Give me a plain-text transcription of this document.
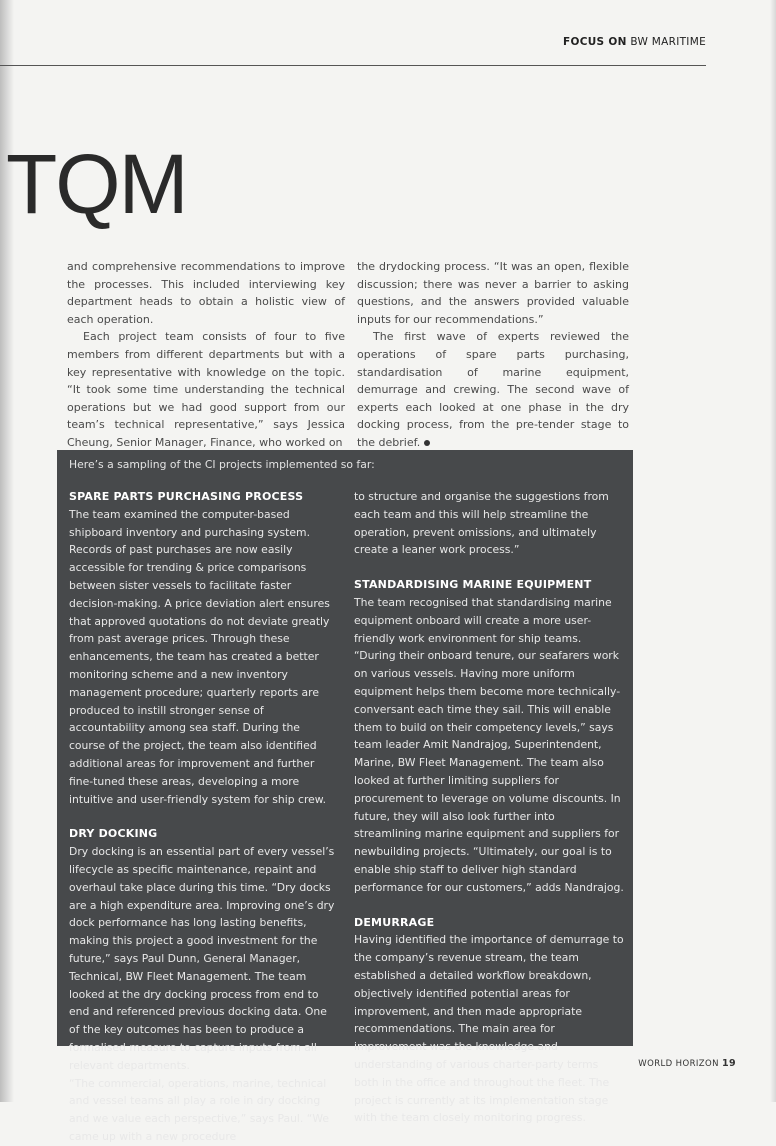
FOCUS ON BW MARITIME
TQM

and comprehensive recommendations to improve the processes. This included interviewing key department heads to obtain a holistic view of each operation.

Each project team consists of four to five members from different departments but with a key representative with knowledge on the topic. “It took some time understanding the technical operations but we had good support from our team’s technical representative,” says Jessica Cheung, Senior Manager, Finance, who worked on

the drydocking process. “It was an open, flexible discussion; there was never a barrier to asking questions, and the answers provided valuable inputs for our recommendations.”

The first wave of experts reviewed the operations of spare parts purchasing, standardisation of marine equipment, demurrage and crewing. The second wave of experts each looked at one phase in the dry docking process, from the pre-tender stage to the debrief.

Here’s a sampling of the CI projects implemented so far:
SPARE PARTS PURCHASING PROCESS

The team examined the computer-based shipboard inventory and purchasing system. Records of past purchases are now easily accessible for trending & price comparisons between sister vessels to facilitate faster decision-making. A price deviation alert ensures that approved quotations do not deviate greatly from past average prices. Through these enhancements, the team has created a better monitoring scheme and a new inventory management procedure; quarterly reports are produced to instill stronger sense of accountability among sea staff. During the course of the project, the team also identified additional areas for improvement and further fine-tuned these areas, developing a more intuitive and user-friendly system for ship crew.

DRY DOCKING

Dry docking is an essential part of every vessel’s lifecycle as specific maintenance, repaint and overhaul take place during this time. “Dry docks are a high expenditure area. Improving one’s dry dock performance has long lasting benefits, making this project a good investment for the future,” says Paul Dunn, General Manager, Technical, BW Fleet Management. The team looked at the dry docking process from end to end and referenced previous docking data. One of the key outcomes has been to produce a formalised measure to capture inputs from all relevant departments.

“The commercial, operations, marine, technical and vessel teams all play a role in dry docking and we value each perspective,” says Paul. “We came up with a new procedure

to structure and organise the suggestions from each team and this will help streamline the operation, prevent omissions, and ultimately create a leaner work process.”

STANDARDISING MARINE EQUIPMENT

The team recognised that standardising marine equipment onboard will create a more user-friendly work environment for ship teams. “During their onboard tenure, our seafarers work on various vessels. Having more uniform equipment helps them become more technically-conversant each time they sail. This will enable them to build on their competency levels,” says team leader Amit Nandrajog, Superintendent, Marine, BW Fleet Management. The team also looked at further limiting suppliers for procurement to leverage on volume discounts. In future, they will also look further into streamlining marine equipment and suppliers for newbuilding projects. “Ultimately, our goal is to enable ship staff to deliver high standard performance for our customers,” adds Nandrajog.

DEMURRAGE

Having identified the importance of demurrage to the company’s revenue stream, the team established a detailed workflow breakdown, objectively identified potential areas for improvement, and then made appropriate recommendations. The main area for improvement was the knowledge and understanding of various charter-party terms both in the office and throughout the fleet. The project is currently at its implementation stage with the team closely monitoring progress.

WORLD HORIZON 19
